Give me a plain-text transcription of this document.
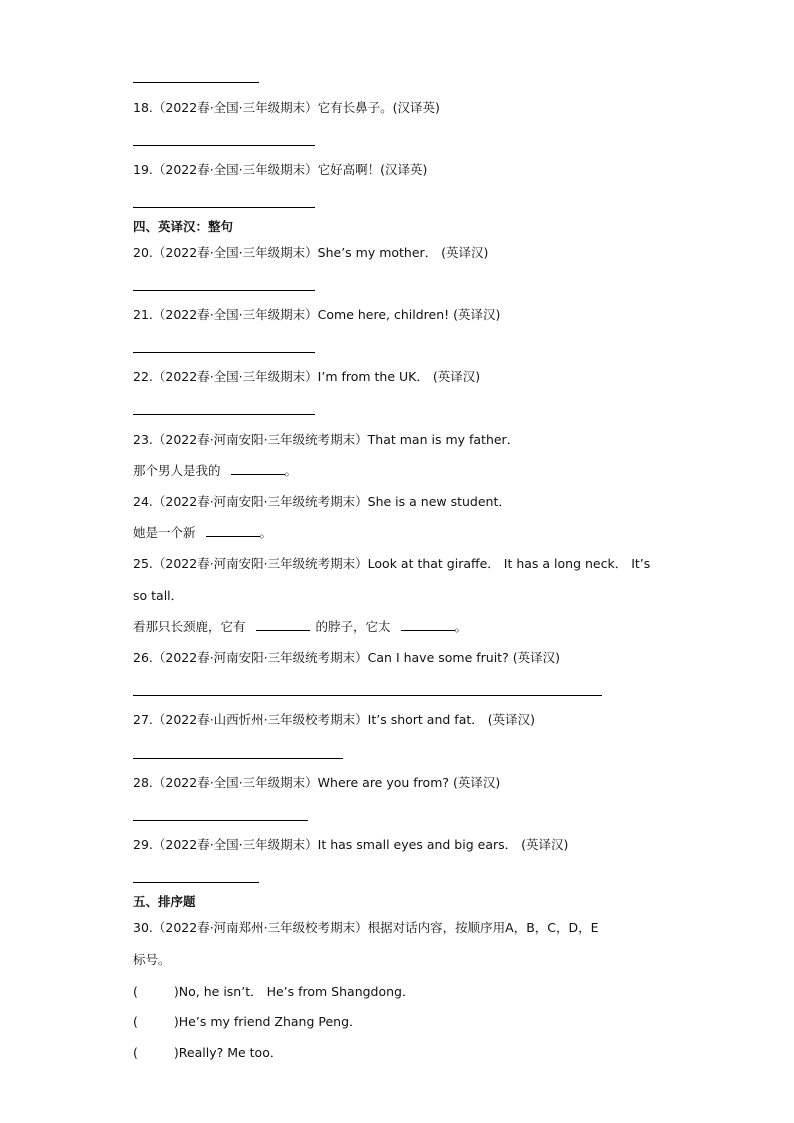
18.（2022春·全国·三年级期末）它有长鼻子。(汉译英)
19.（2022春·全国·三年级期末）它好高啊！(汉译英)
四、英译汉：整句
20.（2022春·全国·三年级期末）She’s my mother． (英译汉)
21.（2022春·全国·三年级期末）Come here, children! (英译汉)
22.（2022春·全国·三年级期末）I’m from the UK． (英译汉)
23.（2022春·河南安阳·三年级统考期末）That man is my father．
那个男人是我的	。
24.（2022春·河南安阳·三年级统考期末）She is a new student．
她是一个新	。
25.（2022春·河南安阳·三年级统考期末）Look at that giraffe． It has a long neck． It’s
so tall．
看那只长颈鹿，它有	的脖子，它太	。
26.（2022春·河南安阳·三年级统考期末）Can I have some fruit? (英译汉)
27.（2022春·山西忻州·三年级校考期末）It’s short and fat． (英译汉)
28.（2022春·全国·三年级期末）Where are you from? (英译汉)
29.（2022春·全国·三年级期末）It has small eyes and big ears． (英译汉)
五、排序题
30.（2022春·河南郑州·三年级校考期末）根据对话内容，按顺序用A，B，C，D，E
标号。
(	)No, he isn’t． He’s from Shangdong．
(	)He’s my friend Zhang Peng．
(	)Really? Me too．
